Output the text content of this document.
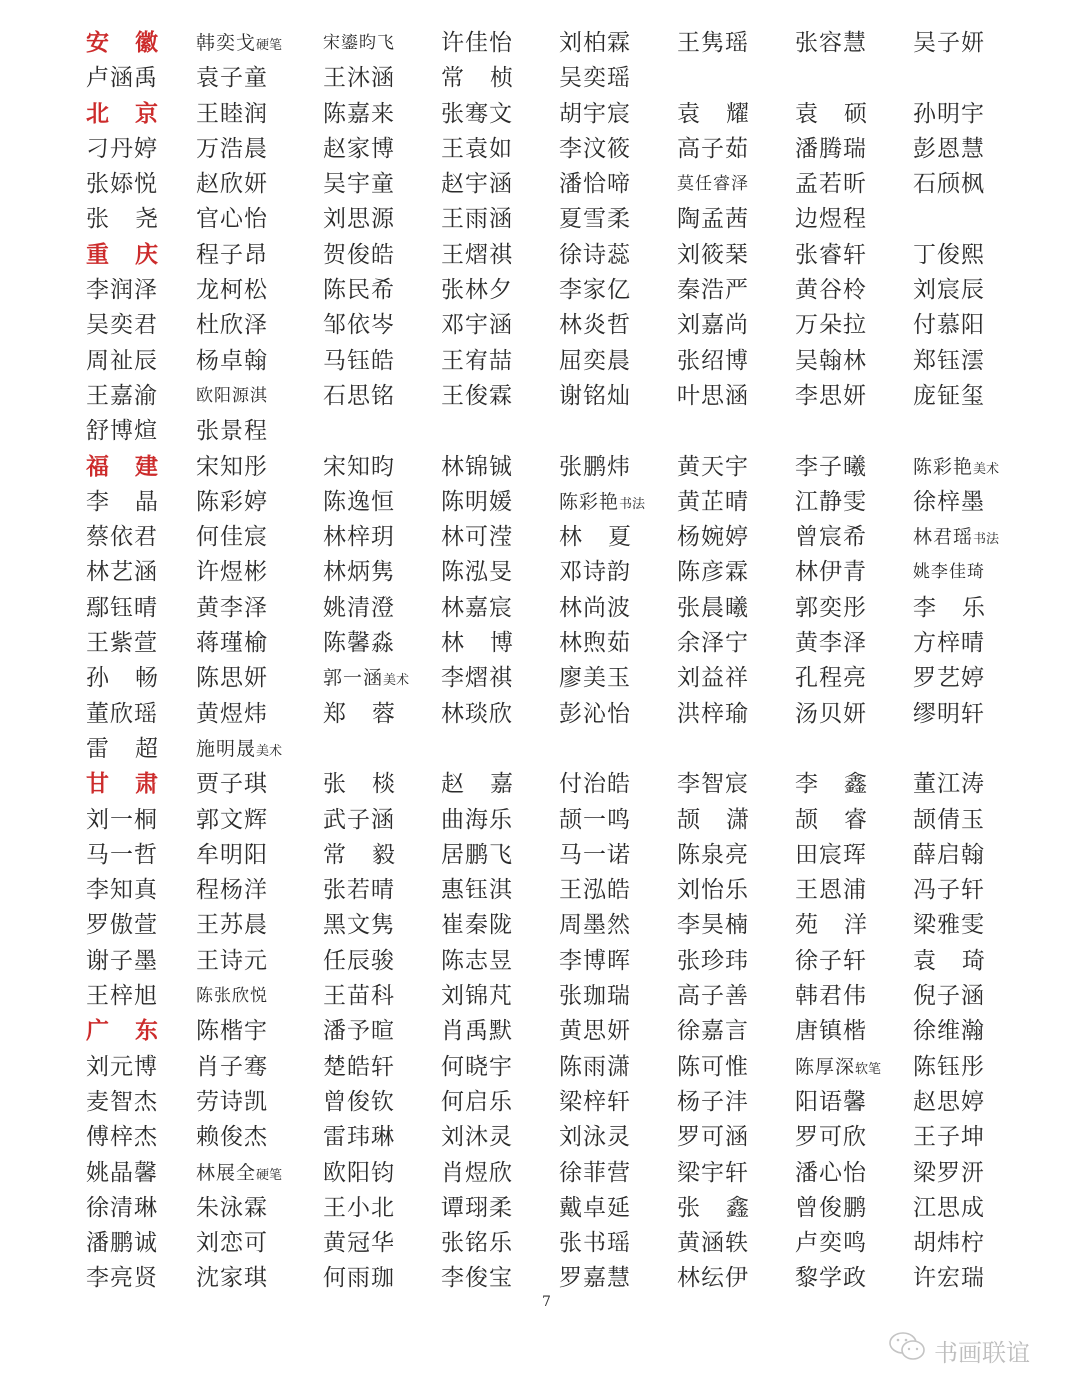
安 徽 韩奕戈硬笔 宋鎏昀飞 许佳怡 刘柏霖 王隽瑶 张容慧 吴子妍
卢涵禹 袁子童 王沐涵 常 桢 吴奕瑶
北 京 王睦润 陈嘉来 张骞文 胡宇宸 袁 耀 袁 硕 孙明宇
刁丹婷 万浩晨 赵家博 王袁如 李汶筱 高子茹 潘腾瑞 彭恩慧
张婖悦 赵欣妍 吴宇童 赵宇涵 潘恰啼	莫任睿泽 孟若昕 石颀枫
张 尧 官心怡 刘思源 王雨涵 夏雪柔 陶孟茜 边煜程
重 庆 程子昂 贺俊皓 王熠祺 徐诗蕊 刘筱琹 张睿轩 丁俊熙
李润泽 龙柯松 陈民希 张林夕 李家亿 秦浩严 黄谷柃 刘宸辰
吴奕君 杜欣泽 邹依岑 邓宇涵 林炎哲 刘嘉尚 万朵拉 付慕阳
周祉辰 杨卓翰 马钰皓 王宥喆 屈奕晨 张绍博 吴翰林 郑钰澐
王嘉渝 欧阳源淇 石思铭 王俊霖 谢铭灿 叶思涵 李思妍 庞钲玺
舒博煊 张景程
福 建 宋知彤 宋知昀 林锦铖 张鹏炜 黄天宇 李子曦 陈彩艳美术
李 晶 陈彩婷 陈逸恒 陈明媛 陈彩艳书法 黄芷晴 江静雯 徐梓墨
蔡依君 何佳宸 林梓玥 林可滢 林 夏 杨婉婷 曾宸希 林君瑶书法
林艺涵 许煜彬 林炳隽 陈泓旻 邓诗韵 陈彦霖 林伊青	姚李佳琦
鄢钰晴 黄李泽 姚清澄 林嘉宸 林尚波 张晨曦 郭奕彤 李 乐
王紫萱 蒋瑾榆 陈馨淼 林 博 林煦茹 余泽宁 黄李泽 方梓晴
孙 畅 陈思妍	郭一涵美术 李熠祺 廖美玉 刘益祥 孔程亮 罗艺婷
董欣瑶 黄煜炜 郑 蓉 林琰欣 彭沁怡 洪梓瑜 汤贝妍 缪明轩
雷 超 施明晟美术
甘 肃 贾子琪 张 棪 赵 嘉 付治皓 李智宸 李 鑫 董江涛
刘一桐 郭文辉 武子涵 曲海乐 颉一鸣 颉 潇 颉 睿 颉倩玉
马一哲 牟明阳 常 毅 居鹏飞 马一诺 陈泉亮 田宸珲 薛启翰
李知真 程杨洋 张若晴 惠钰淇 王泓皓 刘怡乐 王恩浦 冯子轩
罗傲萱 王苏晨 黑文隽 崔秦陇 周墨然 李昊楠 苑 洋 梁雅雯
谢子墨 王诗元 任辰骏 陈志昱 李博晖 张珍玮 徐子轩 袁 琦
王梓旭 陈张欣悦 王苗科 刘锦芃 张珈瑞 高子善 韩君伟 倪子涵
广 东 陈楷宇 潘予暄 肖禹默 黄思妍 徐嘉言 唐镇楷 徐维瀚
刘元博 肖子骞 楚皓轩 何晓宇 陈雨潇 陈可惟 陈厚深软笔 陈钰彤
麦智杰 劳诗凯 曾俊钦 何启乐 梁梓轩 杨子沣 阳语馨 赵思婷
傅梓杰 赖俊杰 雷玮琳 刘沐灵 刘泳灵 罗可涵 罗可欣 王子坤
姚晶馨 林展全硬笔 欧阳钧 肖煜欣 徐菲营 梁宇轩 潘心怡 梁罗汧
徐清琳 朱泳霖 王小北 谭珝柔 戴卓延 张 鑫 曾俊鹏 江思成
潘鹏诚 刘恋可 黄冠华 张铭乐 张书瑶 黄涵轶 卢奕鸣 胡炜柠
李亮贤 沈家琪 何雨珈 李俊宝 罗嘉慧 林纭伊 黎学政 许宏瑞
7
书画联谊
